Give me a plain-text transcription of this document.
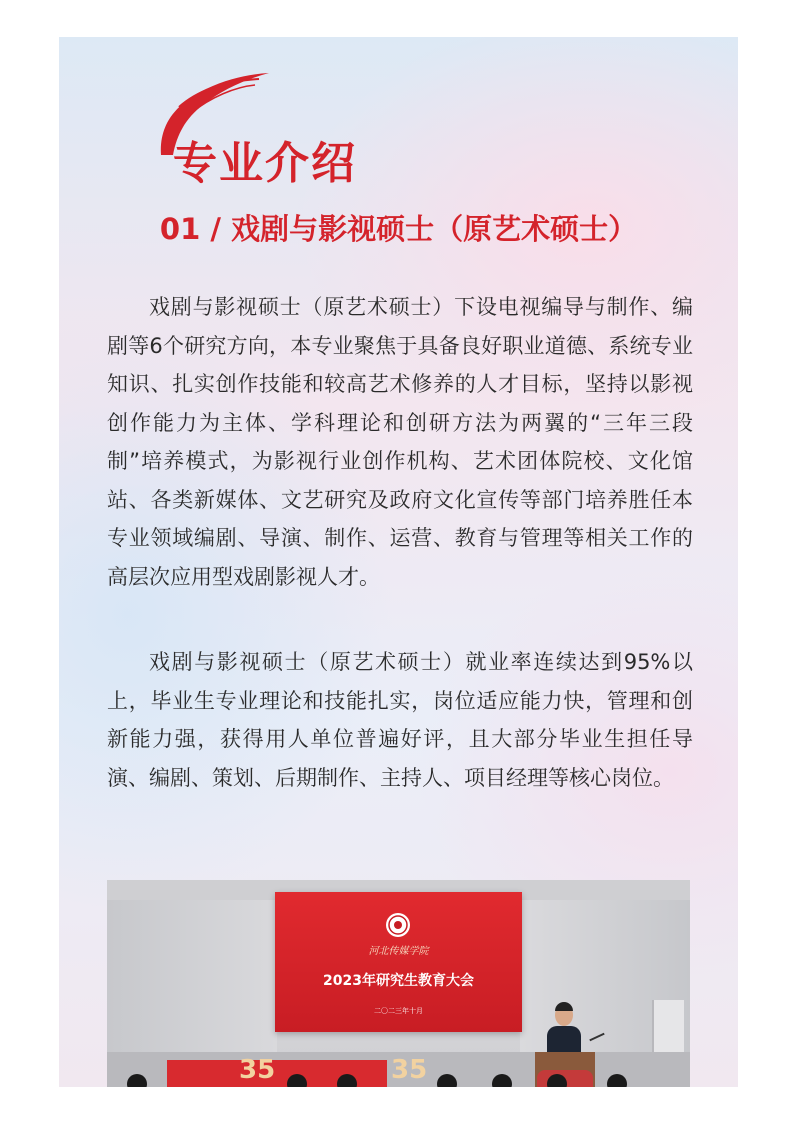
专业介绍
01 / 戏剧与影视硕士（原艺术硕士）

戏剧与影视硕士（原艺术硕士）下设电视编导与制作、编剧等6个研究方向，本专业聚焦于具备良好职业道德、系统专业知识、扎实创作技能和较高艺术修养的人才目标，坚持以影视创作能力为主体、学科理论和创研方法为两翼的“三年三段制”培养模式，为影视行业创作机构、艺术团体院校、文化馆站、各类新媒体、文艺研究及政府文化宣传等部门培养胜任本专业领域编剧、导演、制作、运营、教育与管理等相关工作的高层次应用型戏剧影视人才。

戏剧与影视硕士（原艺术硕士）就业率连续达到95%以上，毕业生专业理论和技能扎实，岗位适应能力快，管理和创新能力强，获得用人单位普遍好评，且大部分毕业生担任导演、编剧、策划、后期制作、主持人、项目经理等核心岗位。

河北传媒学院
2023年研究生教育大会
二〇二三年十月
35	35
